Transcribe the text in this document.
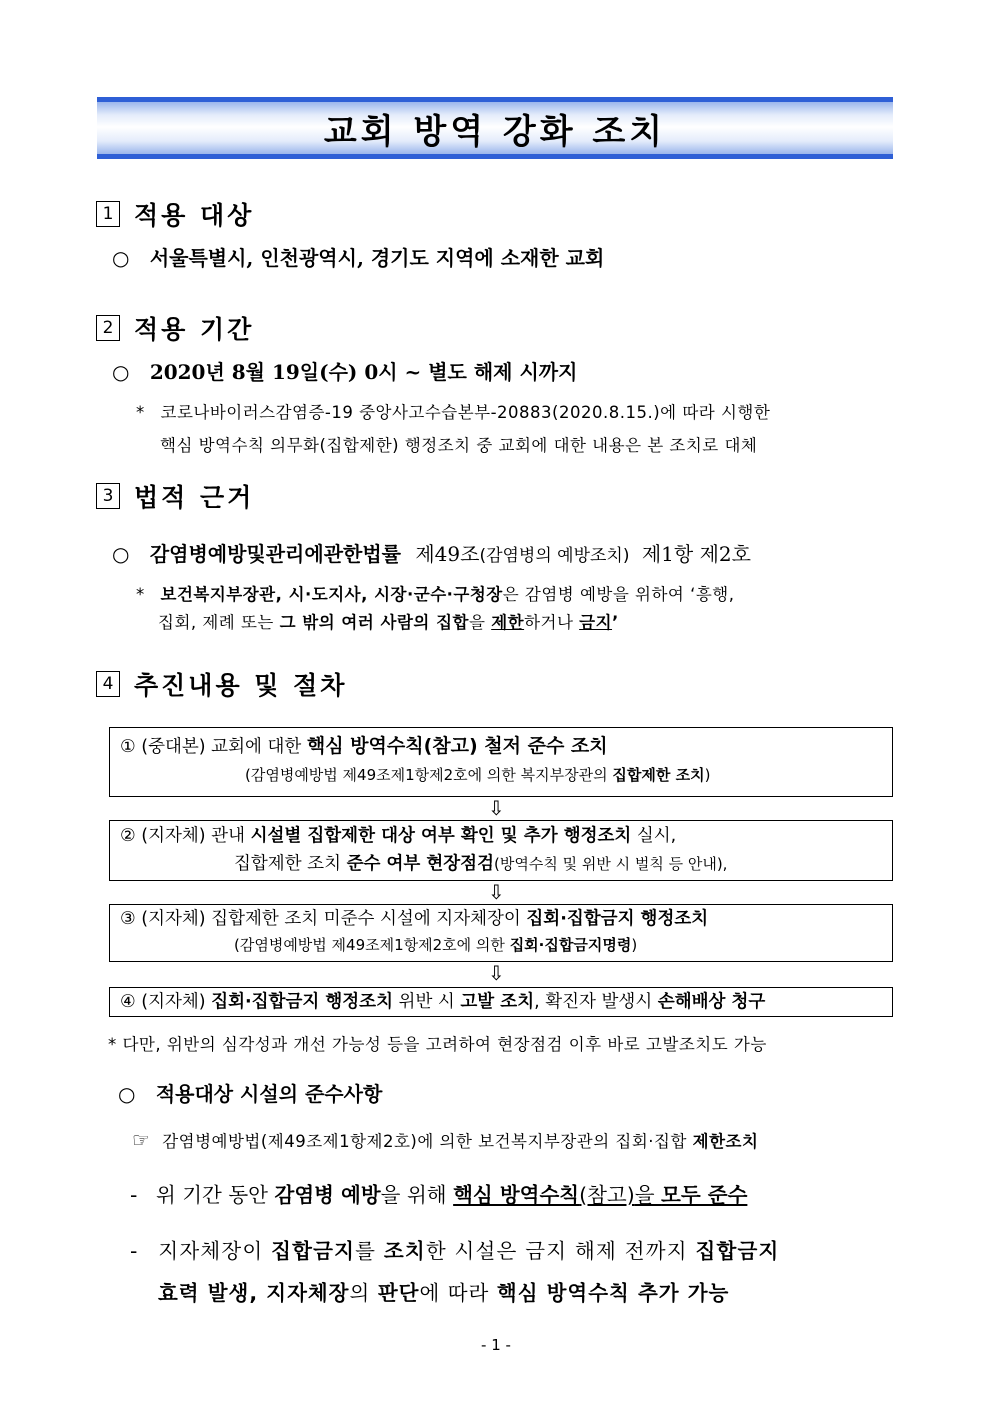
교회 방역 강화 조치
1 적용 대상
○ 서울특별시, 인천광역시, 경기도 지역에 소재한 교회
2 적용 기간
○ 2020년 8월 19일(수) 0시 ~ 별도 해제 시까지
* 코로나바이러스감염증-19 중앙사고수습본부-20883(2020.8.15.)에 따라 시행한
핵심 방역수칙 의무화(집합제한) 행정조치 중 교회에 대한 내용은 본 조치로 대체
3 법적 근거
○ 감염병예방및관리에관한법률 제49조(감염병의 예방조치) 제1항 제2호
* 보건복지부장관, 시·도지사, 시장·군수·구청장은 감염병 예방을 위하여 ‘흥행,
집회, 제례 또는 그 밖의 여러 사람의 집합을 제한하거나 금지’
4 추진내용 및 절차
① (중대본) 교회에 대한 핵심 방역수칙(참고) 철저 준수 조치
(감염병예방법 제49조제1항제2호에 의한 복지부장관의 집합제한 조치)
⇩
② (지자체) 관내 시설별 집합제한 대상 여부 확인 및 추가 행정조치 실시,
집합제한 조치 준수 여부 현장점검(방역수칙 및 위반 시 벌칙 등 안내),
⇩
③ (지자체) 집합제한 조치 미준수 시설에 지자체장이 집회·집합금지 행정조치
(감염병예방법 제49조제1항제2호에 의한 집회·집합금지명령)
⇩
④ (지자체) 집회·집합금지 행정조치 위반 시 고발 조치, 확진자 발생시 손해배상 청구
* 다만, 위반의 심각성과 개선 가능성 등을 고려하여 현장점검 이후 바로 고발조치도 가능
○ 적용대상 시설의 준수사항
☞ 감염병예방법(제49조제1항제2호)에 의한 보건복지부장관의 집회·집합 제한조치
- 위 기간 동안 감염병 예방을 위해 핵심 방역수칙(참고)을 모두 준수
- 지자체장이 집합금지를 조치한 시설은 금지 해제 전까지 집합금지
효력 발생, 지자체장의 판단에 따라 핵심 방역수칙 추가 가능
- 1 -
